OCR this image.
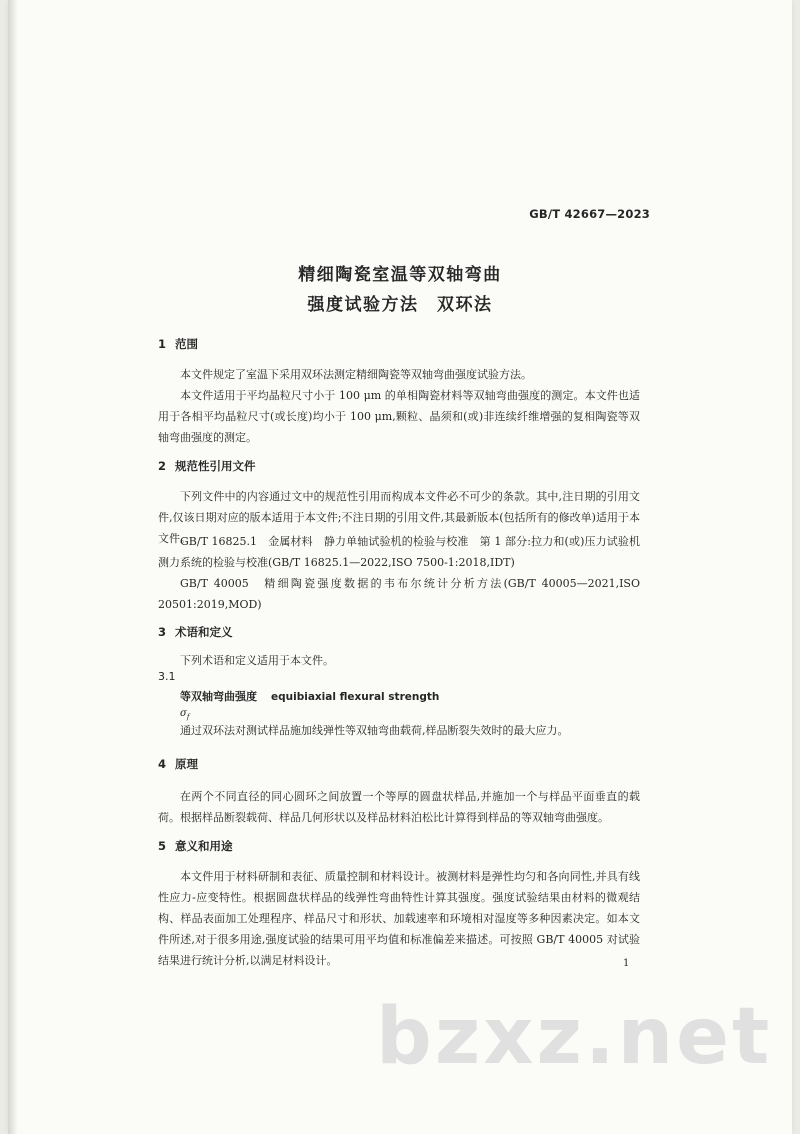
GB/T 42667—2023
精细陶瓷室温等双轴弯曲
强度试验方法　双环法
1 范围
本文件规定了室温下采用双环法测定精细陶瓷等双轴弯曲强度试验方法。
本文件适用于平均晶粒尺寸小于 100 μm 的单相陶瓷材料等双轴弯曲强度的测定。本文件也适用于各相平均晶粒尺寸(或长度)均小于 100 μm,颗粒、晶须和(或)非连续纤维增强的复相陶瓷等双轴弯曲强度的测定。
2 规范性引用文件
下列文件中的内容通过文中的规范性引用而构成本文件必不可少的条款。其中,注日期的引用文件,仅该日期对应的版本适用于本文件;不注日期的引用文件,其最新版本(包括所有的修改单)适用于本文件。
GB/T 16825.1　金属材料　静力单轴试验机的检验与校准　第 1 部分:拉力和(或)压力试验机 测力系统的检验与校准(GB/T 16825.1—2022,ISO 7500-1:2018,IDT)
GB/T 40005　精细陶瓷强度数据的韦布尔统计分析方法(GB/T 40005—2021,ISO 20501:2019,MOD)
3 术语和定义
下列术语和定义适用于本文件。
3.1
等双轴弯曲强度 equibiaxial flexural strength
$\sigma_f$
通过双环法对测试样品施加线弹性等双轴弯曲载荷,样品断裂失效时的最大应力。
4 原理
在两个不同直径的同心圆环之间放置一个等厚的圆盘状样品,并施加一个与样品平面垂直的载荷。根据样品断裂载荷、样品几何形状以及样品材料泊松比计算得到样品的等双轴弯曲强度。
5 意义和用途
本文件用于材料研制和表征、质量控制和材料设计。被测材料是弹性均匀和各向同性,并具有线性应力-应变特性。根据圆盘状样品的线弹性弯曲特性计算其强度。强度试验结果由材料的微观结构、样品表面加工处理程序、样品尺寸和形状、加载速率和环境相对湿度等多种因素决定。如本文件所述,对于很多用途,强度试验的结果可用平均值和标准偏差来描述。可按照 GB/T 40005 对试验结果进行统计分析,以满足材料设计。	1
bzxz.net
